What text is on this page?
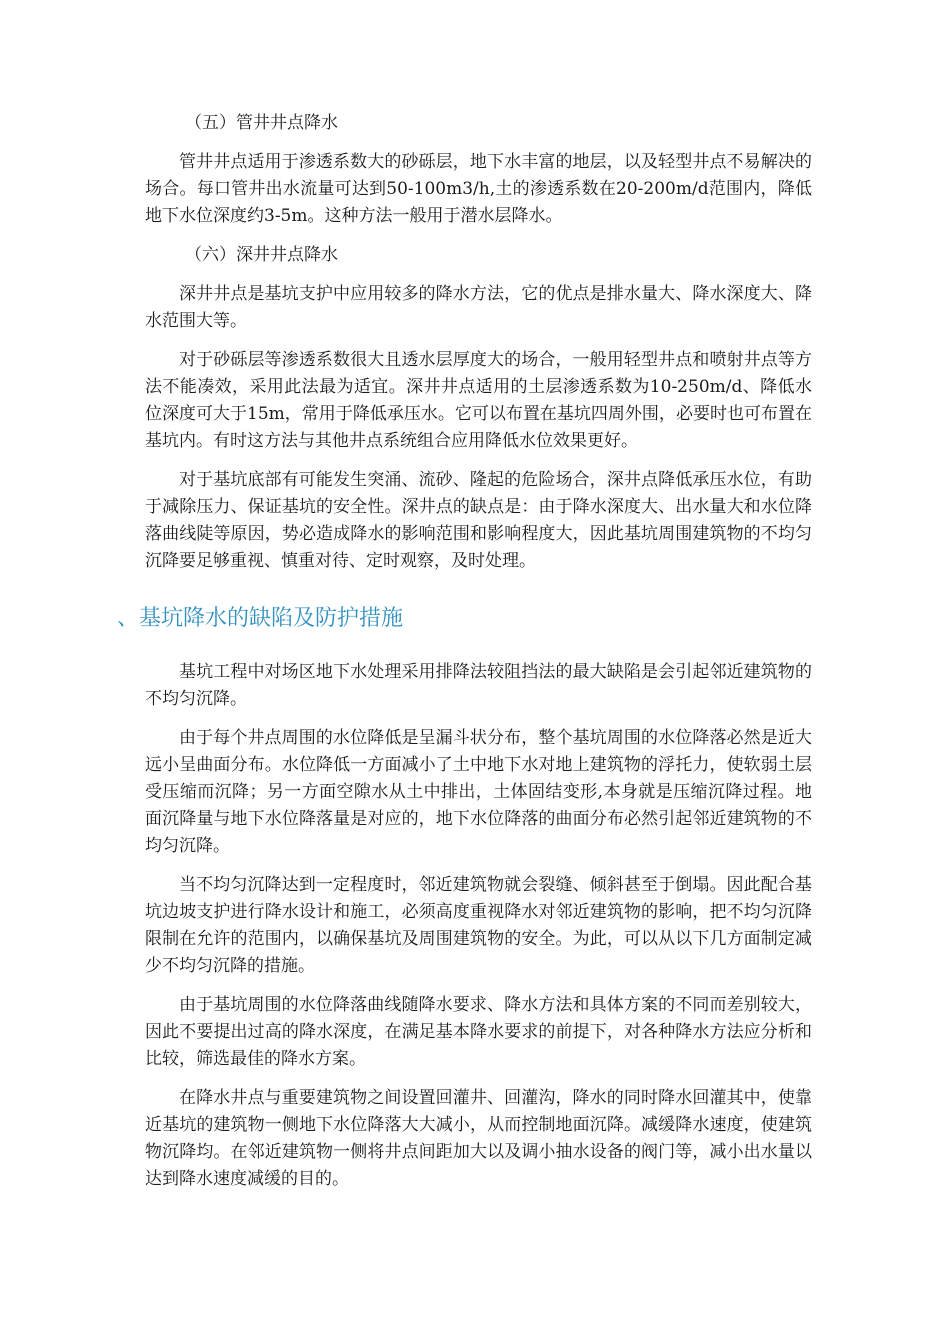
（五）管井井点降水

管井井点适用于渗透系数大的砂砾层，地下水丰富的地层，以及轻型井点不易解决的场合。每口管井出水流量可达到50-100m3/h,土的渗透系数在20-200m/d范围内，降低地下水位深度约3-5m。这种方法一般用于潜水层降水。

（六）深井井点降水

深井井点是基坑支护中应用较多的降水方法，它的优点是排水量大、降水深度大、降水范围大等。

对于砂砾层等渗透系数很大且透水层厚度大的场合，一般用轻型井点和喷射井点等方法不能凑效，采用此法最为适宜。深井井点适用的土层渗透系数为10-250m/d、降低水位深度可大于15m，常用于降低承压水。它可以布置在基坑四周外围，必要时也可布置在基坑内。有时这方法与其他井点系统组合应用降低水位效果更好。

对于基坑底部有可能发生突涌、流砂、隆起的危险场合，深井点降低承压水位，有助于减除压力、保证基坑的安全性。深井点的缺点是：由于降水深度大、出水量大和水位降落曲线陡等原因，势必造成降水的影响范围和影响程度大，因此基坑周围建筑物的不均匀沉降要足够重视、慎重对待、定时观察，及时处理。

、基坑降水的缺陷及防护措施

基坑工程中对场区地下水处理采用排降法较阻挡法的最大缺陷是会引起邻近建筑物的不均匀沉降。

由于每个井点周围的水位降低是呈漏斗状分布，整个基坑周围的水位降落必然是近大远小呈曲面分布。水位降低一方面减小了土中地下水对地上建筑物的浮托力，使软弱土层受压缩而沉降；另一方面空隙水从土中排出，土体固结变形,本身就是压缩沉降过程。地面沉降量与地下水位降落量是对应的，地下水位降落的曲面分布必然引起邻近建筑物的不均匀沉降。

当不均匀沉降达到一定程度时，邻近建筑物就会裂缝、倾斜甚至于倒塌。因此配合基坑边坡支护进行降水设计和施工，必须高度重视降水对邻近建筑物的影响，把不均匀沉降限制在允许的范围内，以确保基坑及周围建筑物的安全。为此，可以从以下几方面制定减少不均匀沉降的措施。

由于基坑周围的水位降落曲线随降水要求、降水方法和具体方案的不同而差别较大，因此不要提出过高的降水深度，在满足基本降水要求的前提下，对各种降水方法应分析和比较，筛选最佳的降水方案。

在降水井点与重要建筑物之间设置回灌井、回灌沟，降水的同时降水回灌其中，使靠近基坑的建筑物一侧地下水位降落大大减小，从而控制地面沉降。减缓降水速度，使建筑物沉降均。在邻近建筑物一侧将井点间距加大以及调小抽水设备的阀门等，减小出水量以达到降水速度减缓的目的。
